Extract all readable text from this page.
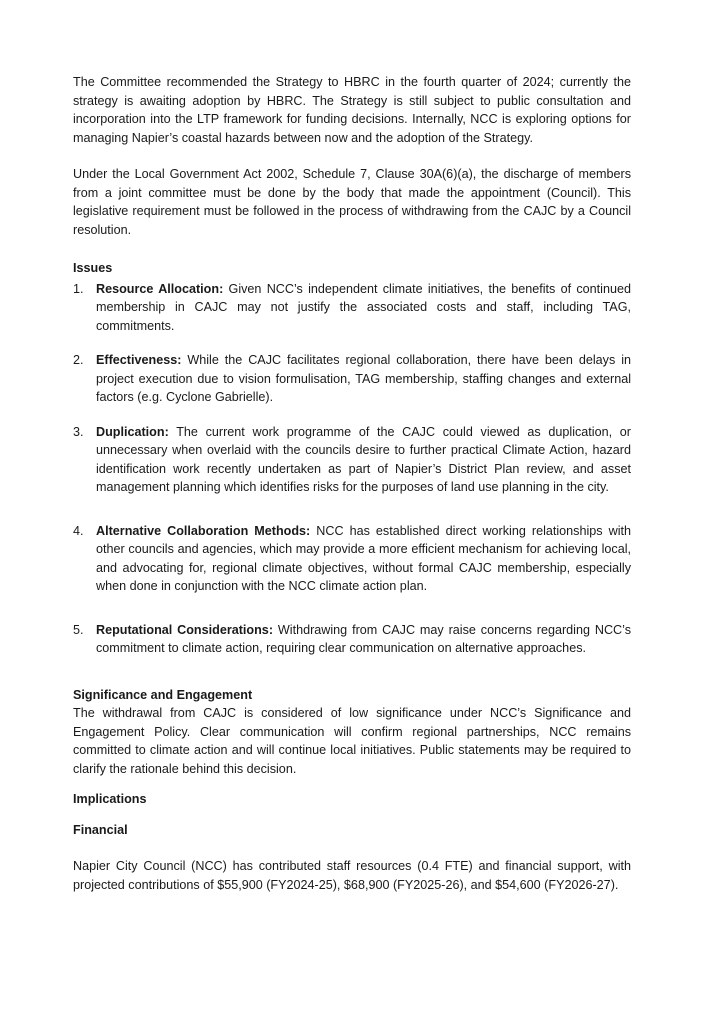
The Committee recommended the Strategy to HBRC in the fourth quarter of 2024; currently the strategy is awaiting adoption by HBRC. The Strategy is still subject to public consultation and incorporation into the LTP framework for funding decisions. Internally, NCC is exploring options for managing Napier’s coastal hazards between now and the adoption of the Strategy.

Under the Local Government Act 2002, Schedule 7, Clause 30A(6)(a), the discharge of members from a joint committee must be done by the body that made the appointment (Council). This legislative requirement must be followed in the process of withdrawing from the CAJC by a Council resolution.

Issues
1. Resource Allocation: Given NCC’s independent climate initiatives, the benefits of continued membership in CAJC may not justify the associated costs and staff, including TAG, commitments.
2. Effectiveness: While the CAJC facilitates regional collaboration, there have been delays in project execution due to vision formulisation, TAG membership, staffing changes and external factors (e.g. Cyclone Gabrielle).
3. Duplication: The current work programme of the CAJC could viewed as duplication, or unnecessary when overlaid with the councils desire to further practical Climate Action, hazard identification work recently undertaken as part of Napier’s District Plan review, and asset management planning which identifies risks for the purposes of land use planning in the city.
4. Alternative Collaboration Methods: NCC has established direct working relationships with other councils and agencies, which may provide a more efficient mechanism for achieving local, and advocating for, regional climate objectives, without formal CAJC membership, especially when done in conjunction with the NCC climate action plan.
5. Reputational Considerations: Withdrawing from CAJC may raise concerns regarding NCC’s commitment to climate action, requiring clear communication on alternative approaches.
Significance and Engagement

The withdrawal from CAJC is considered of low significance under NCC’s Significance and Engagement Policy. Clear communication will confirm regional partnerships, NCC remains committed to climate action and will continue local initiatives. Public statements may be required to clarify the rationale behind this decision.

Implications
Financial

Napier City Council (NCC) has contributed staff resources (0.4 FTE) and financial support, with projected contributions of $55,900 (FY2024-25), $68,900 (FY2025-26), and $54,600 (FY2026-27).
